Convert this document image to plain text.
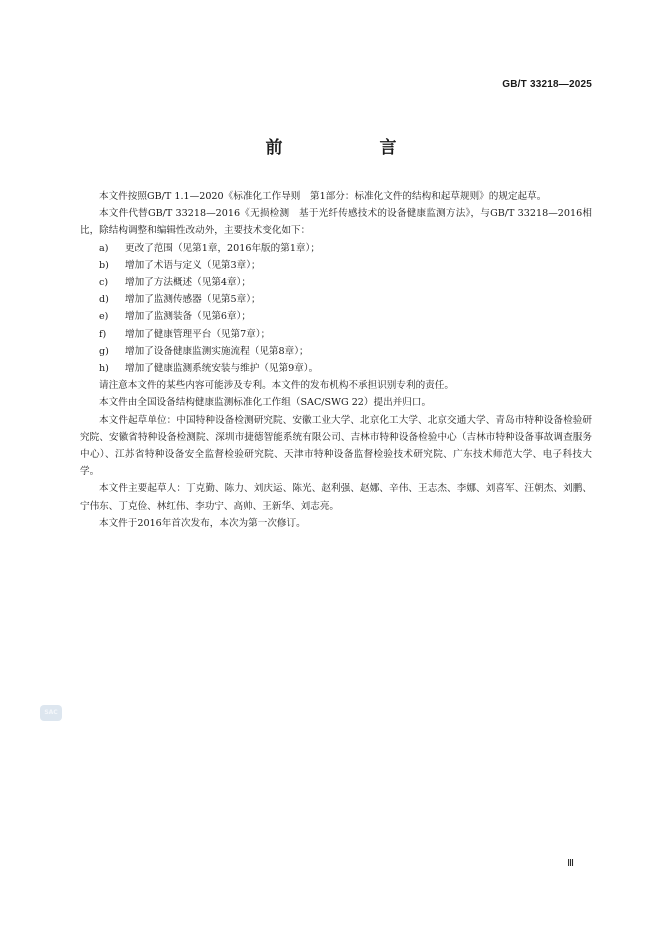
GB/T 33218—2025
前　言

本文件按照GB/T 1.1—2020《标准化工作导则　第1部分：标准化文件的结构和起草规则》的规定起草。

本文件代替GB/T 33218—2016《无损检测　基于光纤传感技术的设备健康监测方法》，与GB/T 33218—2016相比，除结构调整和编辑性改动外，主要技术变化如下：

a) 更改了范围（见第1章，2016年版的第1章）；

b) 增加了术语与定义（见第3章）；

c) 增加了方法概述（见第4章）；

d) 增加了监测传感器（见第5章）；

e) 增加了监测装备（见第6章）；

f) 增加了健康管理平台（见第7章）；

g) 增加了设备健康监测实施流程（见第8章）；

h) 增加了健康监测系统安装与维护（见第9章）。

请注意本文件的某些内容可能涉及专利。本文件的发布机构不承担识别专利的责任。

本文件由全国设备结构健康监测标准化工作组（SAC/SWG 22）提出并归口。

本文件起草单位：中国特种设备检测研究院、安徽工业大学、北京化工大学、北京交通大学、青岛市特种设备检验研究院、安徽省特种设备检测院、深圳市捷德智能系统有限公司、吉林市特种设备检验中心（吉林市特种设备事故调查服务中心）、江苏省特种设备安全监督检验研究院、天津市特种设备监督检验技术研究院、广东技术师范大学、电子科技大学。

本文件主要起草人：丁克勤、陈力、刘庆运、陈光、赵利强、赵娜、辛伟、王志杰、李娜、刘喜军、汪朝杰、刘鹏、宁伟东、丁克俭、林红伟、李功宁、高帅、王新华、刘志亮。

本文件于2016年首次发布，本次为第一次修订。

SAC
Ⅲ
